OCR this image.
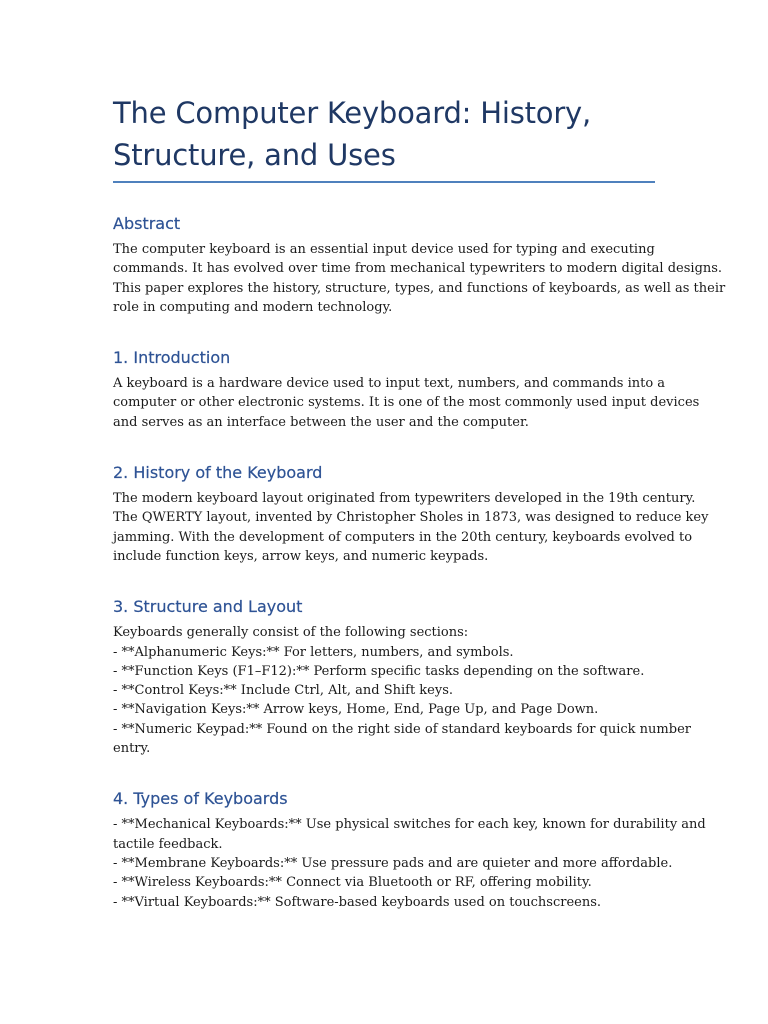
The Computer Keyboard: History,
Structure, and Uses
Abstract

The computer keyboard is an essential input device used for typing and executing
commands. It has evolved over time from mechanical typewriters to modern digital designs.
This paper explores the history, structure, types, and functions of keyboards, as well as their
role in computing and modern technology.

1. Introduction

A keyboard is a hardware device used to input text, numbers, and commands into a
computer or other electronic systems. It is one of the most commonly used input devices
and serves as an interface between the user and the computer.

2. History of the Keyboard

The modern keyboard layout originated from typewriters developed in the 19th century.
The QWERTY layout, invented by Christopher Sholes in 1873, was designed to reduce key
jamming. With the development of computers in the 20th century, keyboards evolved to
include function keys, arrow keys, and numeric keypads.

3. Structure and Layout

Keyboards generally consist of the following sections:
- **Alphanumeric Keys:** For letters, numbers, and symbols.
- **Function Keys (F1–F12):** Perform specific tasks depending on the software.
- **Control Keys:** Include Ctrl, Alt, and Shift keys.
- **Navigation Keys:** Arrow keys, Home, End, Page Up, and Page Down.
- **Numeric Keypad:** Found on the right side of standard keyboards for quick number
entry.

4. Types of Keyboards

- **Mechanical Keyboards:** Use physical switches for each key, known for durability and
tactile feedback.
- **Membrane Keyboards:** Use pressure pads and are quieter and more affordable.
- **Wireless Keyboards:** Connect via Bluetooth or RF, offering mobility.
- **Virtual Keyboards:** Software-based keyboards used on touchscreens.
